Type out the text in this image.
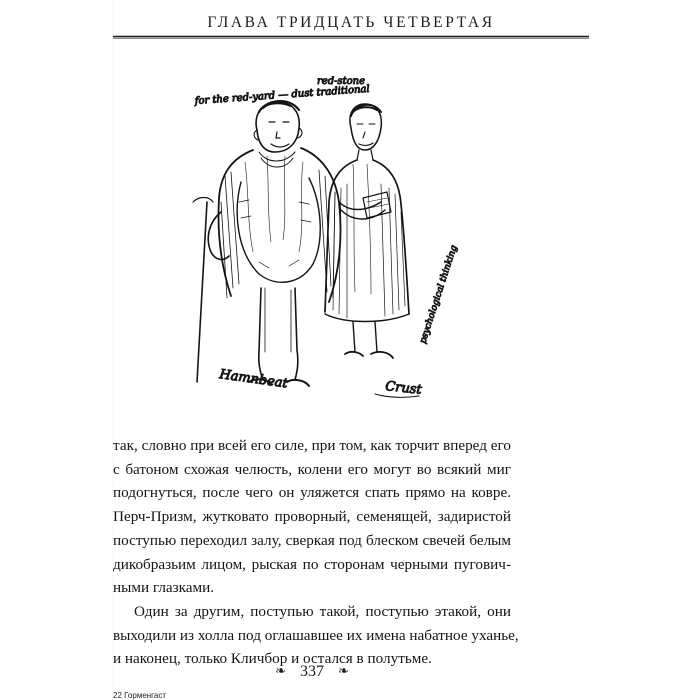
ГЛАВА ТРИДЦАТЬ ЧЕТВЕРТАЯ
red-stone
for the red-yard — dust traditional
Hamnbeat
psychological thinking
Crust

так, словно при всей его силе, при том, как торчит вперед его
с батоном схожая челюсть, колени его могут во всякий миг
подогнуться, после чего он уляжется спать прямо на ковре.
Перч-Призм, жутковато проворный, семенящей, задиристой
поступью переходил залу, сверкая под блеском свечей белым
дикобразьим лицом, рыская по сторонам черными пугович-
ными глазками.

Один за другим, поступью такой, поступью этакой, они
выходили из холла под оглашавшее их имена набатное уханье,
и наконец, только Кличбор и остался в полутьме.

❧ 337 ❧
22 Горменгаст
